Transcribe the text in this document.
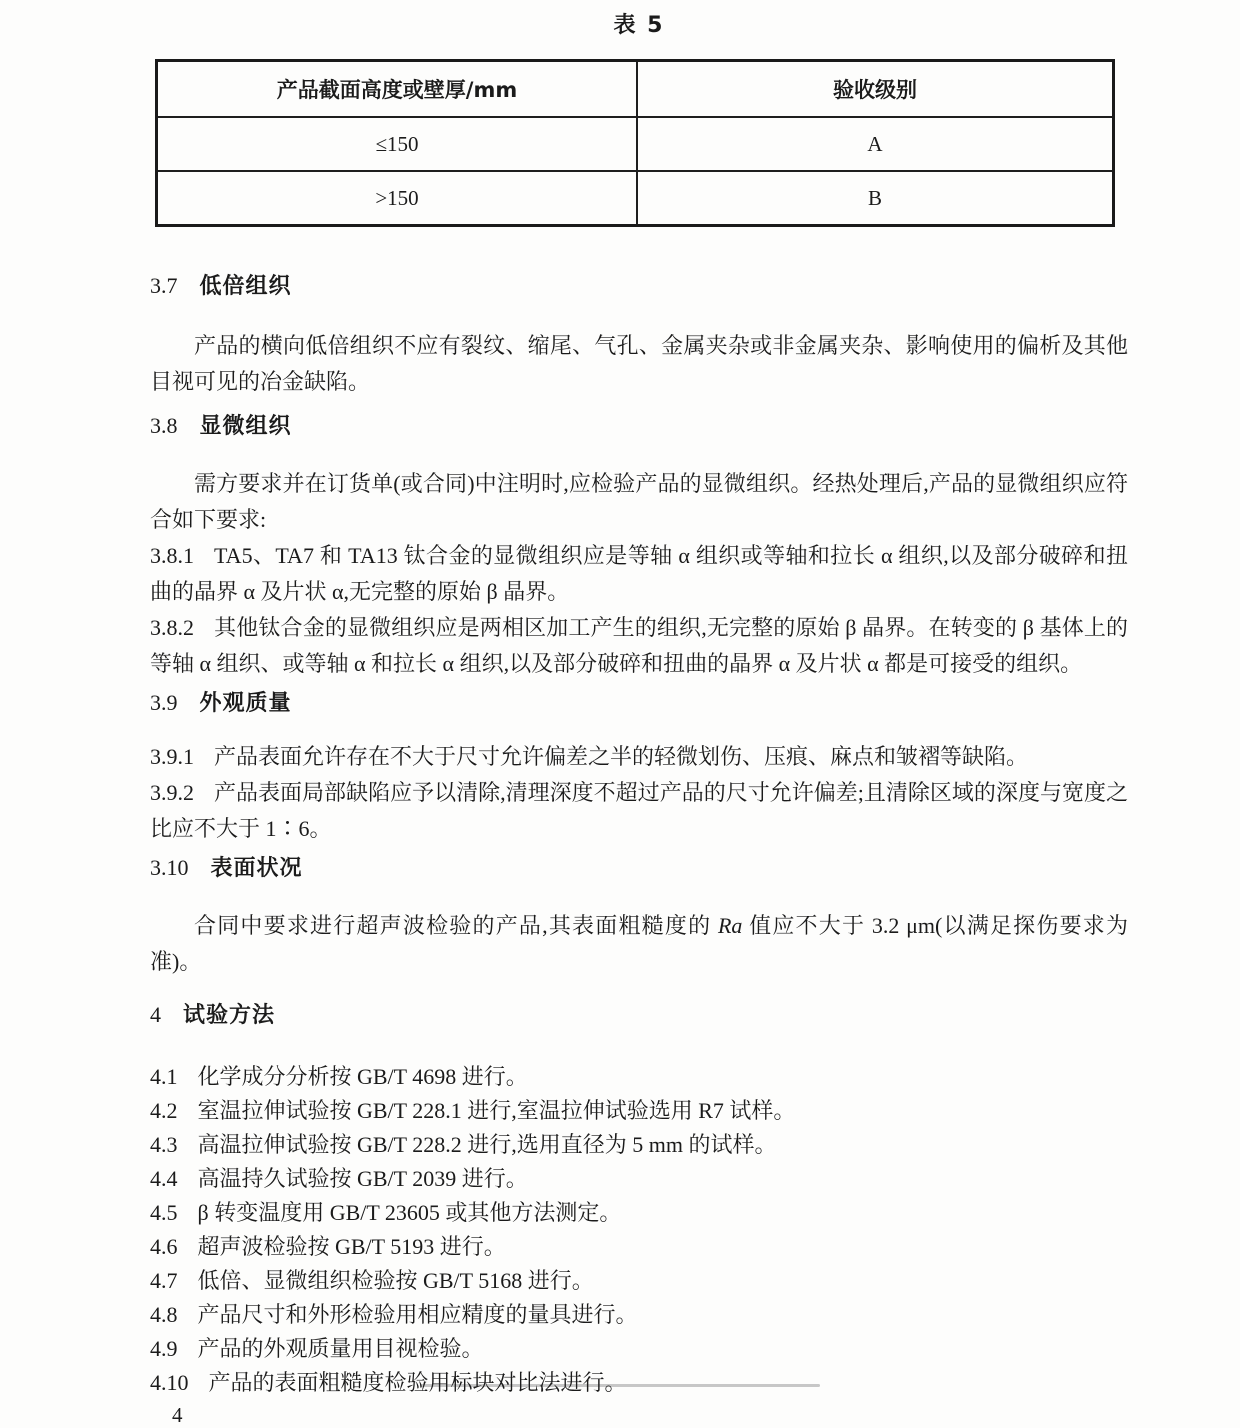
表 5
产品截面高度或壁厚/mm	验收级别
≤150	A
>150	B
3.7 低倍组织

产品的横向低倍组织不应有裂纹、缩尾、气孔、金属夹杂或非金属夹杂、影响使用的偏析及其他目视可见的冶金缺陷。

3.8 显微组织

需方要求并在订货单(或合同)中注明时,应检验产品的显微组织。经热处理后,产品的显微组织应符合如下要求:

3.8.1 TA5、TA7 和 TA13 钛合金的显微组织应是等轴 α 组织或等轴和拉长 α 组织,以及部分破碎和扭曲的晶界 α 及片状 α,无完整的原始 β 晶界。

3.8.2 其他钛合金的显微组织应是两相区加工产生的组织,无完整的原始 β 晶界。在转变的 β 基体上的等轴 α 组织、或等轴 α 和拉长 α 组织,以及部分破碎和扭曲的晶界 α 及片状 α 都是可接受的组织。

3.9 外观质量

3.9.1 产品表面允许存在不大于尺寸允许偏差之半的轻微划伤、压痕、麻点和皱褶等缺陷。

3.9.2 产品表面局部缺陷应予以清除,清理深度不超过产品的尺寸允许偏差;且清除区域的深度与宽度之比应不大于 1∶6。

3.10 表面状况

合同中要求进行超声波检验的产品,其表面粗糙度的 Ra 值应不大于 3.2 μm(以满足探伤要求为准)。

4 试验方法

4.1 化学成分分析按 GB/T 4698 进行。

4.2 室温拉伸试验按 GB/T 228.1 进行,室温拉伸试验选用 R7 试样。

4.3 高温拉伸试验按 GB/T 228.2 进行,选用直径为 5 mm 的试样。

4.4 高温持久试验按 GB/T 2039 进行。

4.5 β 转变温度用 GB/T 23605 或其他方法测定。

4.6 超声波检验按 GB/T 5193 进行。

4.7 低倍、显微组织检验按 GB/T 5168 进行。

4.8 产品尺寸和外形检验用相应精度的量具进行。

4.9 产品的外观质量用目视检验。

4.10 产品的表面粗糙度检验用标块对比法进行。

4
